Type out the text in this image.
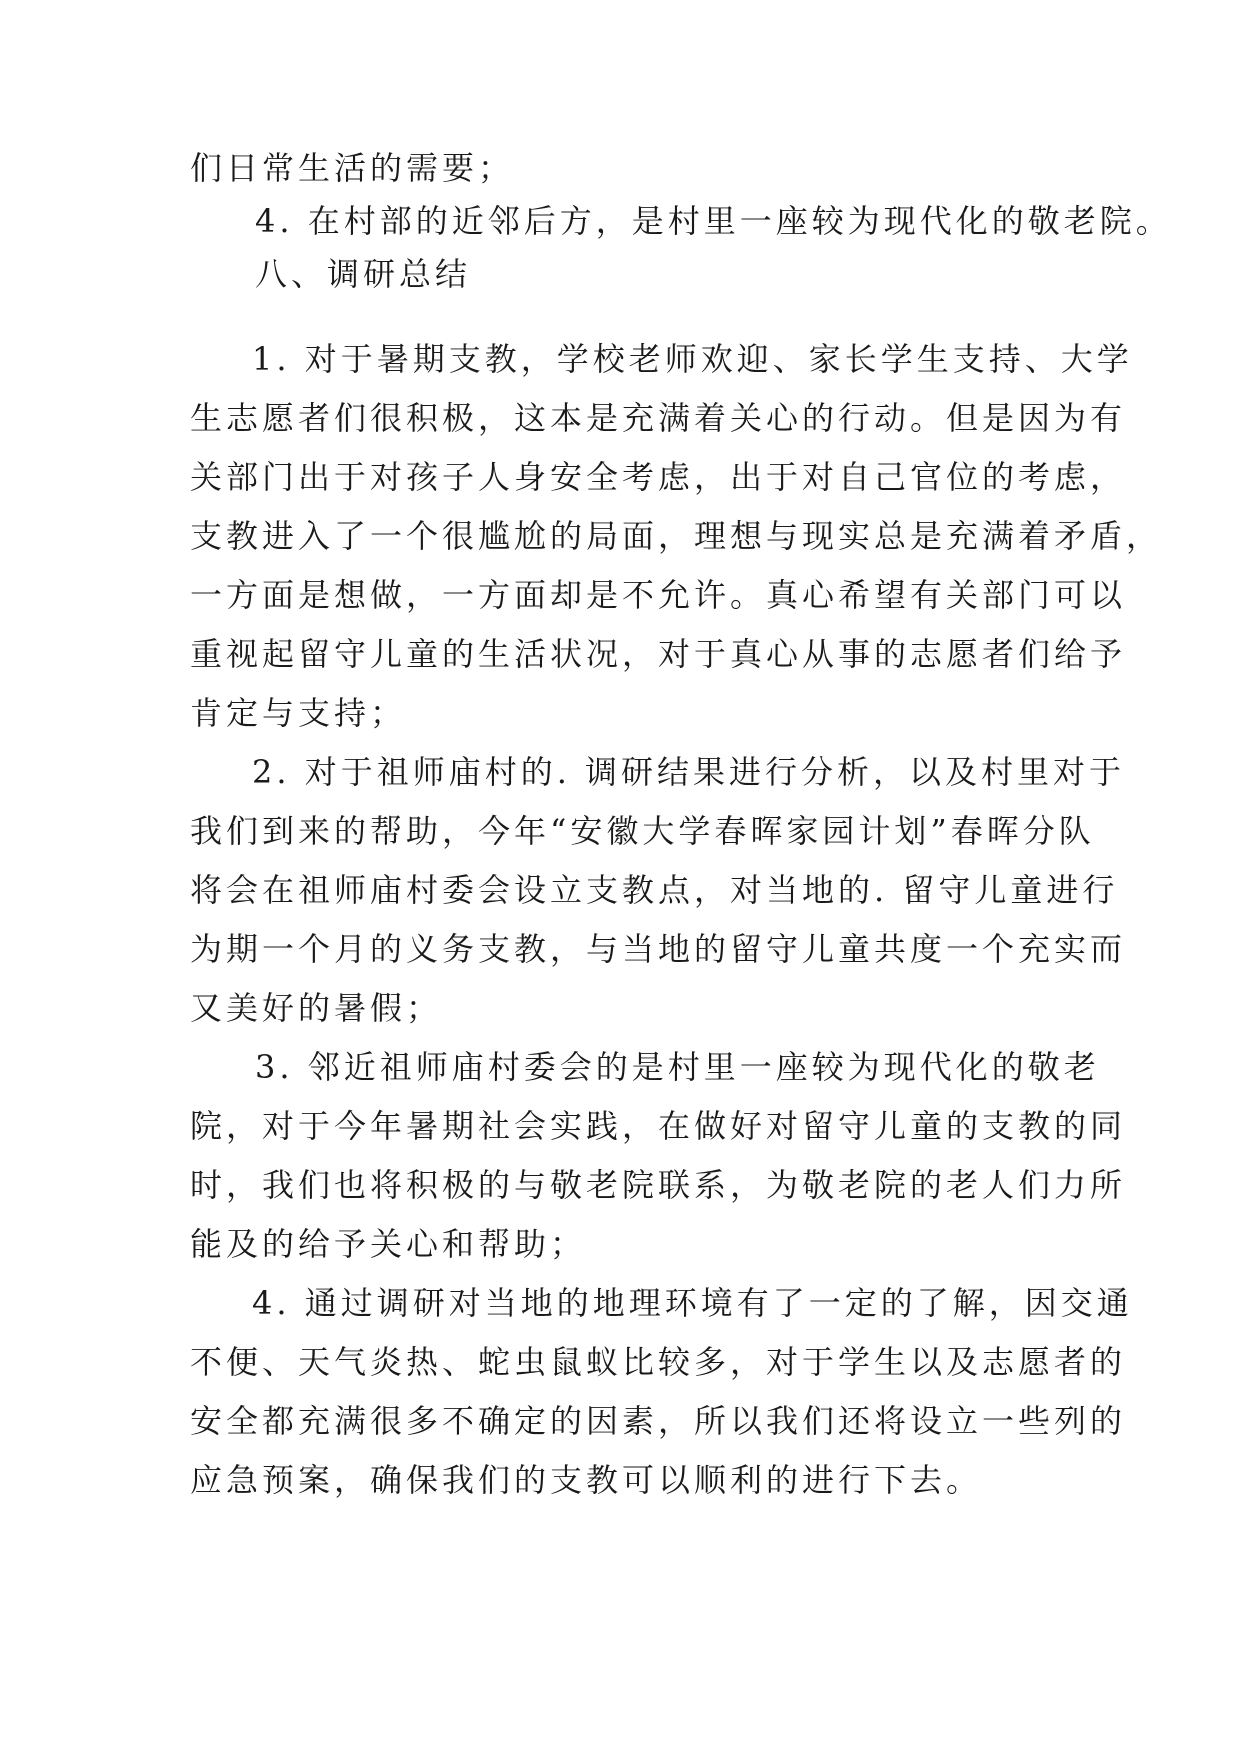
们日常生活的需要；
4. 在村部的近邻后方，是村里一座较为现代化的敬老院。
八、调研总结
1. 对于暑期支教，学校老师欢迎、家长学生支持、大学
生志愿者们很积极，这本是充满着关心的行动。但是因为有
关部门出于对孩子人身安全考虑，出于对自己官位的考虑，
支教进入了一个很尴尬的局面，理想与现实总是充满着矛盾，
一方面是想做，一方面却是不允许。真心希望有关部门可以
重视起留守儿童的生活状况，对于真心从事的志愿者们给予
肯定与支持；
2. 对于祖师庙村的. 调研结果进行分析，以及村里对于
我们到来的帮助，今年“安徽大学春晖家园计划”春晖分队
将会在祖师庙村委会设立支教点，对当地的. 留守儿童进行
为期一个月的义务支教，与当地的留守儿童共度一个充实而
又美好的暑假；
3. 邻近祖师庙村委会的是村里一座较为现代化的敬老
院，对于今年暑期社会实践，在做好对留守儿童的支教的同
时，我们也将积极的与敬老院联系，为敬老院的老人们力所
能及的给予关心和帮助；
4. 通过调研对当地的地理环境有了一定的了解，因交通
不便、天气炎热、蛇虫鼠蚁比较多，对于学生以及志愿者的
安全都充满很多不确定的因素，所以我们还将设立一些列的
应急预案，确保我们的支教可以顺利的进行下去。
